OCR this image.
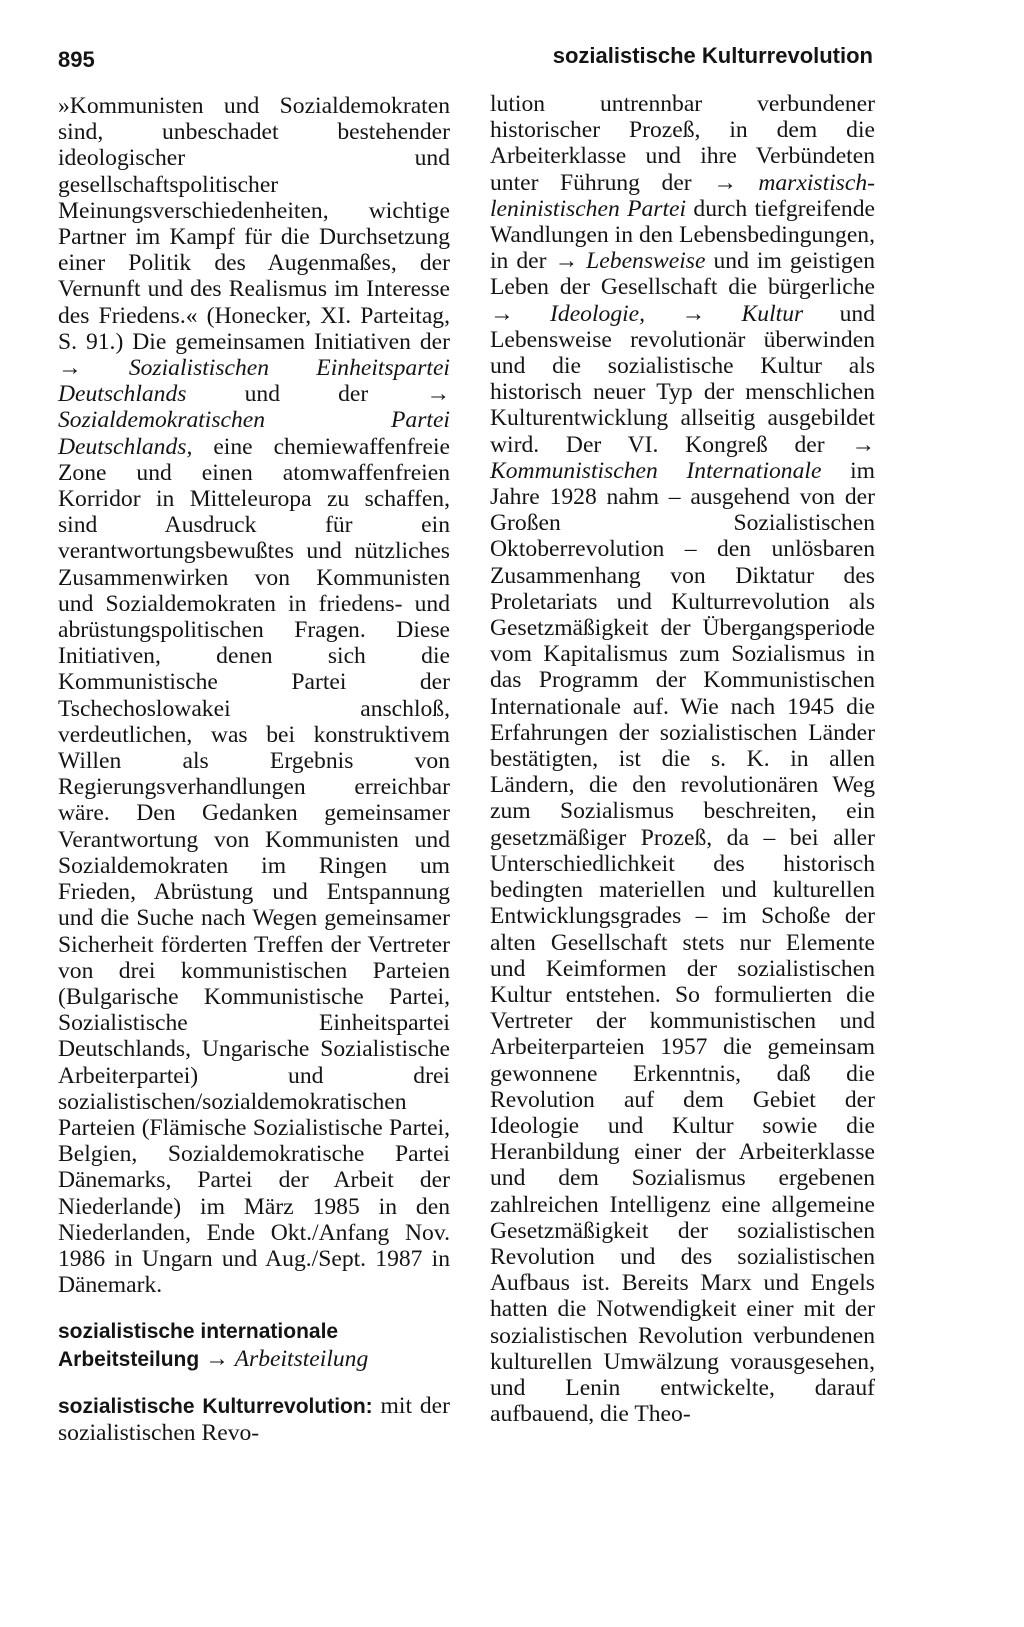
895	sozialistische Kulturrevolution

»Kommunisten und Sozialdemokraten sind, unbeschadet bestehender ideologischer und gesellschaftspolitischer Meinungsverschiedenheiten, wichtige Partner im Kampf für die Durchsetzung einer Politik des Augenmaßes, der Vernunft und des Realismus im Interesse des Friedens.« (Honecker, XI. Parteitag, S. 91.) Die gemeinsamen Initiativen der → Sozialistischen Einheitspartei Deutschlands und der → Sozialdemokratischen Partei Deutschlands, eine chemiewaffenfreie Zone und einen atomwaffenfreien Korridor in Mitteleuropa zu schaffen, sind Ausdruck für ein verantwortungsbewußtes und nützliches Zusammenwirken von Kommunisten und Sozialdemokraten in friedens- und abrüstungspolitischen Fragen. Diese Initiativen, denen sich die Kommunistische Partei der Tschechoslowakei anschloß, verdeutlichen, was bei konstruktivem Willen als Ergebnis von Regierungsverhandlungen erreichbar wäre. Den Gedanken gemeinsamer Verantwortung von Kommunisten und Sozialdemokraten im Ringen um Frieden, Abrüstung und Entspannung und die Suche nach Wegen gemeinsamer Sicherheit förderten Treffen der Vertreter von drei kommunistischen Parteien (Bulgarische Kommunistische Partei, Sozialistische Einheitspartei Deutschlands, Ungarische Sozialistische Arbeiterpartei) und drei sozialistischen/sozialdemokratischen Parteien (Flämische Sozialistische Partei, Belgien, Sozialdemokratische Partei Dänemarks, Partei der Arbeit der Niederlande) im März 1985 in den Niederlanden, Ende Okt./Anfang Nov. 1986 in Ungarn und Aug./Sept. 1987 in Dänemark.

sozialistische internationale Arbeitsteilung → Arbeitsteilung

sozialistische Kulturrevolution: mit der sozialistischen Revo-

lution untrennbar verbundener historischer Prozeß, in dem die Arbeiterklasse und ihre Verbündeten unter Führung der → marxistisch-leninistischen Partei durch tiefgreifende Wandlungen in den Lebensbedingungen, in der → Lebensweise und im geistigen Leben der Gesellschaft die bürgerliche → Ideologie, → Kultur und Lebensweise revolutionär überwinden und die sozialistische Kultur als historisch neuer Typ der menschlichen Kulturentwicklung allseitig ausgebildet wird. Der VI. Kongreß der → Kommunistischen Internationale im Jahre 1928 nahm – ausgehend von der Großen Sozialistischen Oktoberrevolution – den unlösbaren Zusammenhang von Diktatur des Proletariats und Kulturrevolution als Gesetzmäßigkeit der Übergangsperiode vom Kapitalismus zum Sozialismus in das Programm der Kommunistischen Internationale auf. Wie nach 1945 die Erfahrungen der sozialistischen Länder bestätigten, ist die s. K. in allen Ländern, die den revolutionären Weg zum Sozialismus beschreiten, ein gesetzmäßiger Prozeß, da – bei aller Unterschiedlichkeit des historisch bedingten materiellen und kulturellen Entwicklungsgrades – im Schoße der alten Gesellschaft stets nur Elemente und Keimformen der sozialistischen Kultur entstehen. So formulierten die Vertreter der kommunistischen und Arbeiterparteien 1957 die gemeinsam gewonnene Erkenntnis, daß die Revolution auf dem Gebiet der Ideologie und Kultur sowie die Heranbildung einer der Arbeiterklasse und dem Sozialismus ergebenen zahlreichen Intelligenz eine allgemeine Gesetzmäßigkeit der sozialistischen Revolution und des sozialistischen Aufbaus ist. Bereits Marx und Engels hatten die Notwendigkeit einer mit der sozialistischen Revolution verbundenen kulturellen Umwälzung vorausgesehen, und Lenin entwickelte, darauf aufbauend, die Theo-
